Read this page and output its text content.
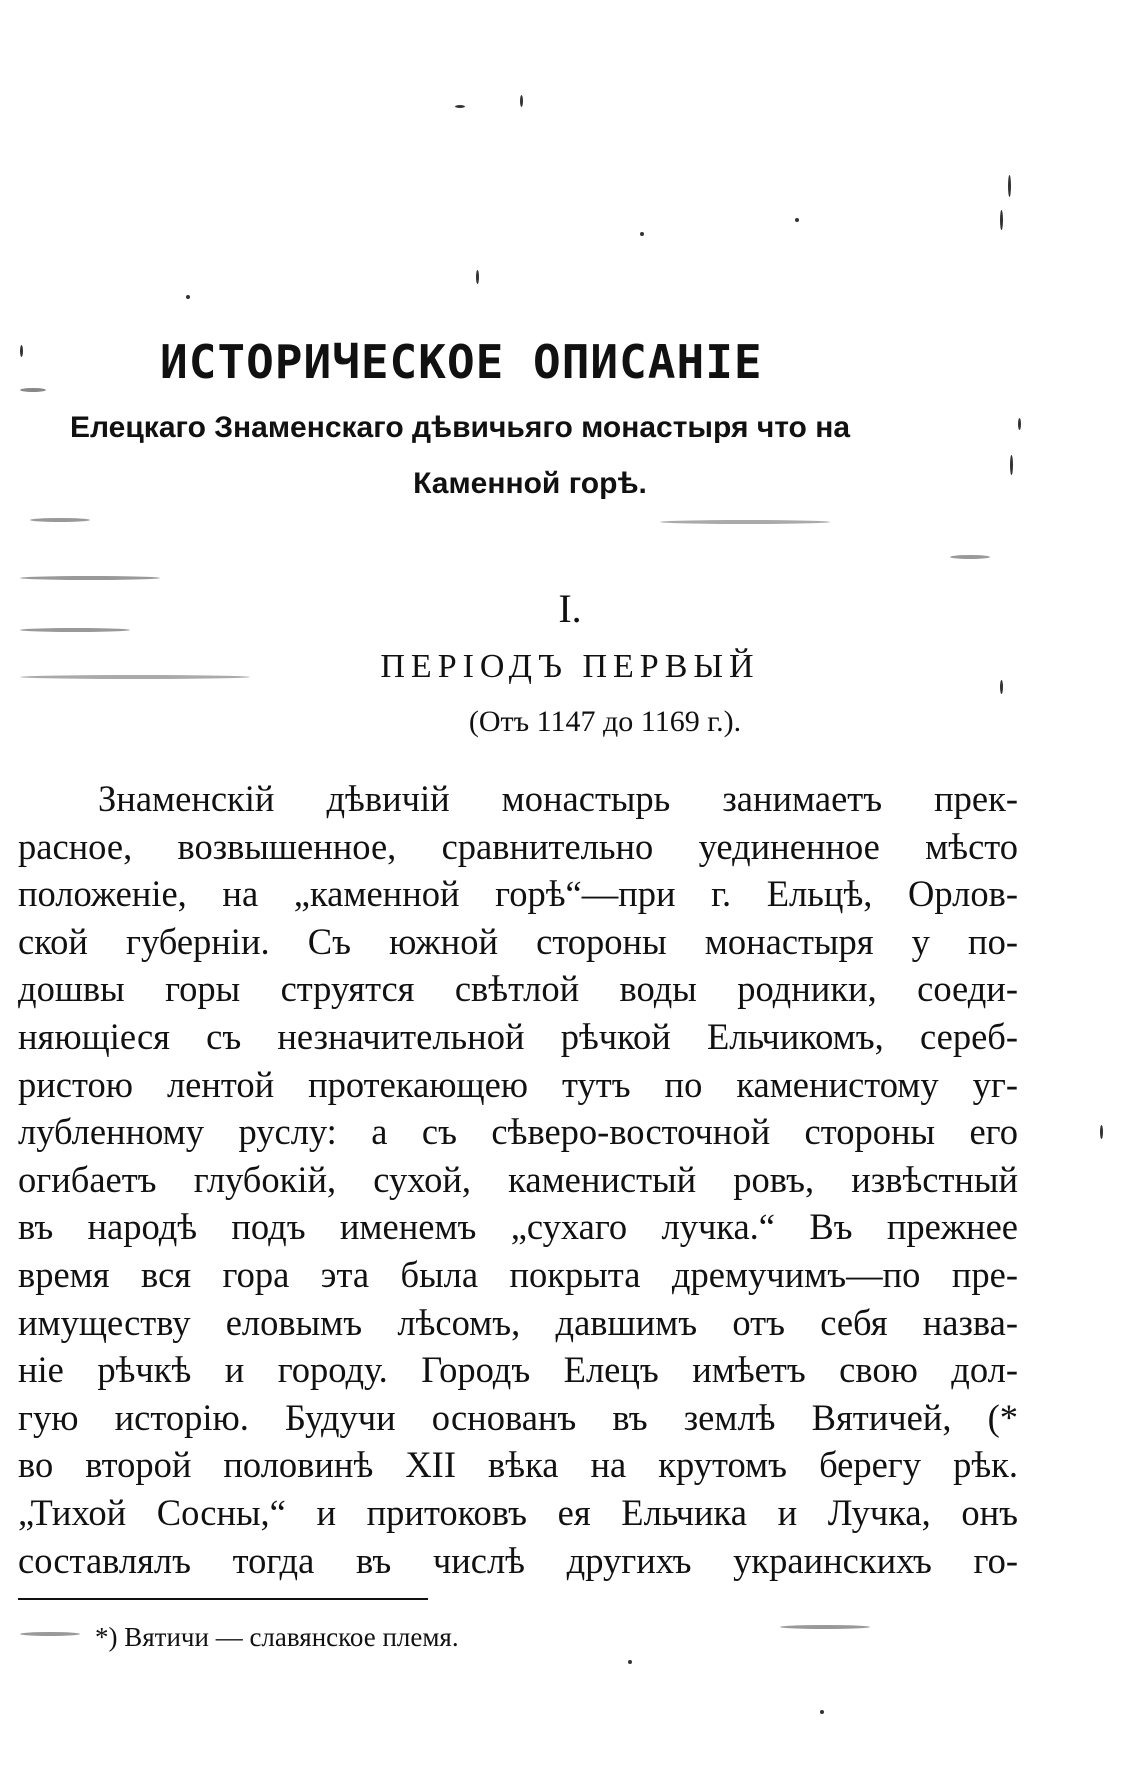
ИСТОРИЧЕСКОЕ ОПИСАНІЕ
Елецкаго Знаменскаго дѣвичьяго монастыря что на
Каменной горѣ.
I.
ПЕРІОДЪ ПЕРВЫЙ
(Отъ 1147 до 1169 г.).
Знаменскій дѣвичій монастырь занимаетъ прек-
расное, возвышенное, сравнительно уединенное мѣсто
положеніе, на „каменной горѣ“—при г. Ельцѣ, Орлов-
ской губерніи. Съ южной стороны монастыря у по-
дошвы горы струятся свѣтлой воды родники, соеди-
няющіеся съ незначительной рѣчкой Ельчикомъ, сереб-
ристою лентой протекающею тутъ по каменистому уг-
лубленному руслу: а съ сѣверо-восточной стороны его
огибаетъ глубокій, сухой, каменистый ровъ, извѣстный
въ народѣ подъ именемъ „сухаго лучка.“ Въ прежнее
время вся гора эта была покрыта дремучимъ—по пре-
имуществу еловымъ лѣсомъ, давшимъ отъ себя назва-
ніе рѣчкѣ и городу. Городъ Елецъ имѣетъ свою дол-
гую исторію. Будучи основанъ въ землѣ Вятичей, (*
во второй половинѣ XII вѣка на крутомъ берегу рѣк.
„Тихой Сосны,“ и притоковъ ея Ельчика и Лучка, онъ
составлялъ тогда въ числѣ другихъ украинскихъ го-
*) Вятичи — славянское племя.
